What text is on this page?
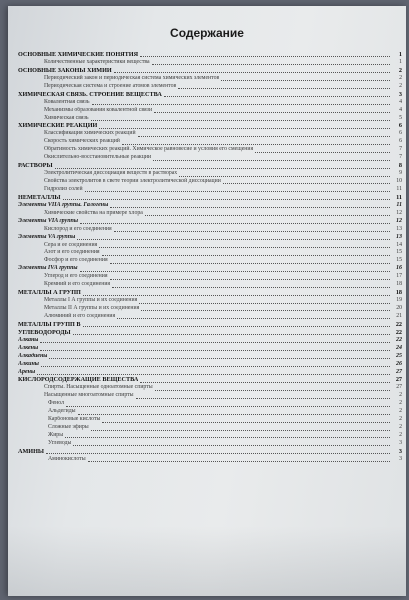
Содержание
ОСНОВНЫЕ ХИМИЧЕСКИЕ ПОНЯТИЯ	1
Количественные характеристики вещества	1
ОСНОВНЫЕ ЗАКОНЫ ХИМИИ	2
Периодический закон и периодическая система химических элементов	2
Периодическая система и строение атомов элементов	2
ХИМИЧЕСКАЯ СВЯЗЬ. СТРОЕНИЕ ВЕЩЕСТВА	3
Ковалентная связь	4
Механизмы образования ковалентной связи	4
Химическая связь	5
ХИМИЧЕСКИЕ РЕАКЦИИ	6
Классификация химических реакций	6
Скорость химических реакций	6
Обратимость химических реакций. Химическое равновесие и условия его смещения	7
Окислительно-восстановительные реакции	7
РАСТВОРЫ	8
Электролитическая диссоциация веществ в растворах	9
Свойства электролитов в свете теории электролитической диссоциации	10
Гидролиз солей	11
НЕМЕТАЛЛЫ	11
Элементы VIIA группы. Галогены	11
Химические свойства на примере хлора	12
Элементы VIA группы	12
Кислород и его соединения	13
Элементы VA группы	13
Сера и ее соединения	14
Азот и его соединения	15
Фосфор и его соединения	15
Элементы IVA группы	16
Углерод и его соединения	17
Кремний и его соединения	18
МЕТАЛЛЫ А ГРУПП	18
Металлы I А группы и их соединения	19
Металлы II А группы и их соединения	20
Алюминий и его соединения	21
МЕТАЛЛЫ ГРУПП В	22
УГЛЕВОДОРОДЫ	22
Алканы	22
Алкены	24
Алкадиены	25
Алкины	26
Арены	27
КИСЛОРОДСОДЕРЖАЩИЕ ВЕЩЕСТВА	27
Спирты. Насыщенные одноатомные спирты	27
Насыщенные многоатомные спирты	2
Фенол	2
Альдегиды	2
Карбоновые кислоты	2
Сложные эфиры	2
Жиры	2
Углеводы	3
АМИНЫ	3
Аминокислоты	3
